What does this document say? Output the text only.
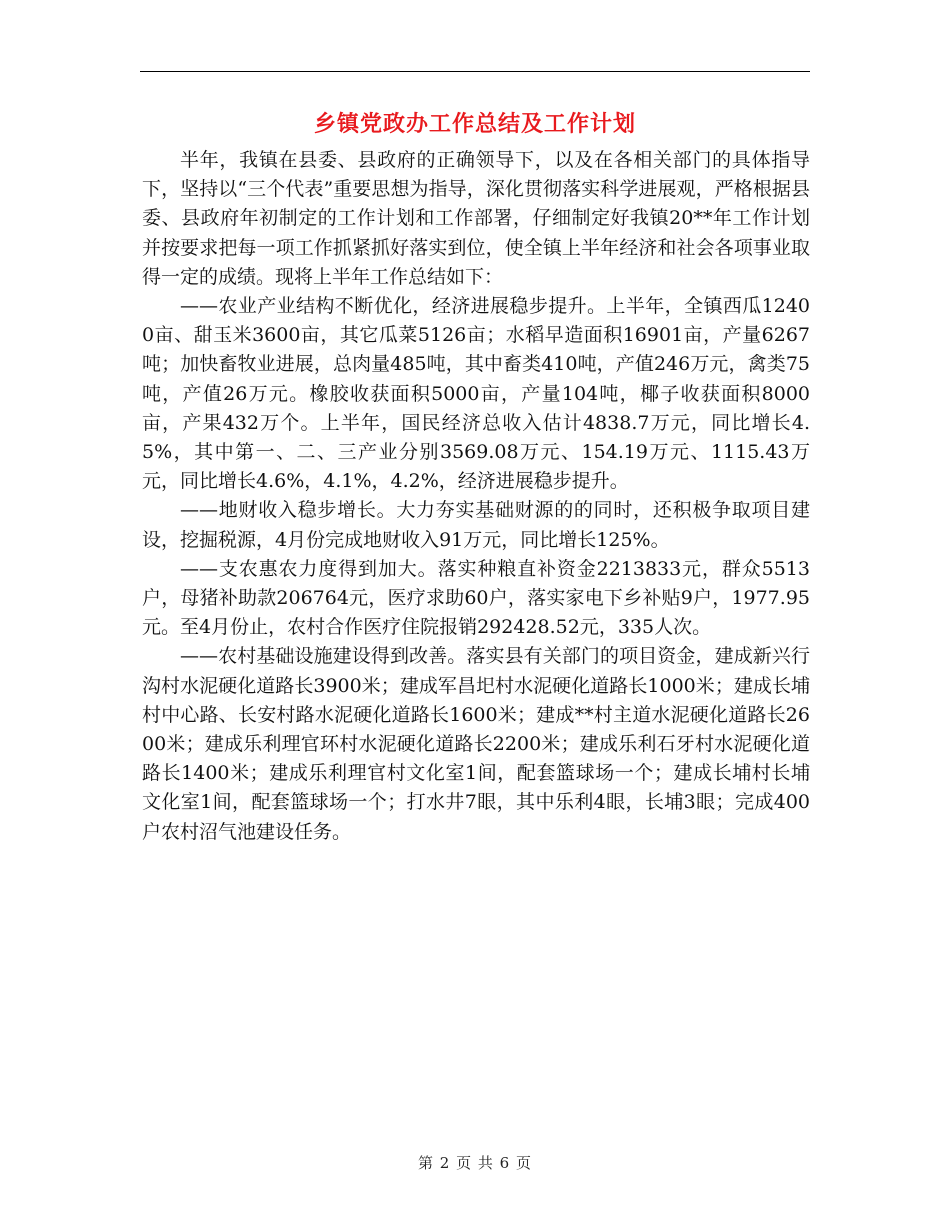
乡镇党政办工作总结及工作计划

半年，我镇在县委、县政府的正确领导下，以及在各相关部门的具体指导下，坚持以“三个代表”重要思想为指导，深化贯彻落实科学进展观，严格根据县委、县政府年初制定的工作计划和工作部署，仔细制定好我镇20**年工作计划并按要求把每一项工作抓紧抓好落实到位，使全镇上半年经济和社会各项事业取得一定的成绩。现将上半年工作总结如下：

——农业产业结构不断优化，经济进展稳步提升。上半年，全镇西瓜12400亩、甜玉米3600亩，其它瓜菜5126亩；水稻早造面积16901亩，产量6267吨；加快畜牧业进展，总肉量485吨，其中畜类410吨，产值246万元，禽类75吨，产值26万元。橡胶收获面积5000亩，产量104吨，椰子收获面积8000亩，产果432万个。上半年，国民经济总收入估计4838.7万元，同比增长4.5%，其中第一、二、三产业分别3569.08万元、154.19万元、1115.43万元，同比增长4.6%，4.1%，4.2%，经济进展稳步提升。

——地财收入稳步增长。大力夯实基础财源的的同时，还积极争取项目建设，挖掘税源，4月份完成地财收入91万元，同比增长125%。

——支农惠农力度得到加大。落实种粮直补资金2213833元，群众5513户，母猪补助款206764元，医疗求助60户，落实家电下乡补贴9户，1977.95元。至4月份止，农村合作医疗住院报销292428.52元，335人次。

——农村基础设施建设得到改善。落实县有关部门的项目资金，建成新兴行沟村水泥硬化道路长3900米；建成军昌圯村水泥硬化道路长1000米；建成长埔村中心路、长安村路水泥硬化道路长1600米；建成**村主道水泥硬化道路长2600米；建成乐利理官环村水泥硬化道路长2200米；建成乐利石牙村水泥硬化道路长1400米；建成乐利理官村文化室1间，配套篮球场一个；建成长埔村长埔文化室1间，配套篮球场一个；打水井7眼，其中乐利4眼，长埔3眼；完成400户农村沼气池建设任务。

第 2 页 共 6 页
